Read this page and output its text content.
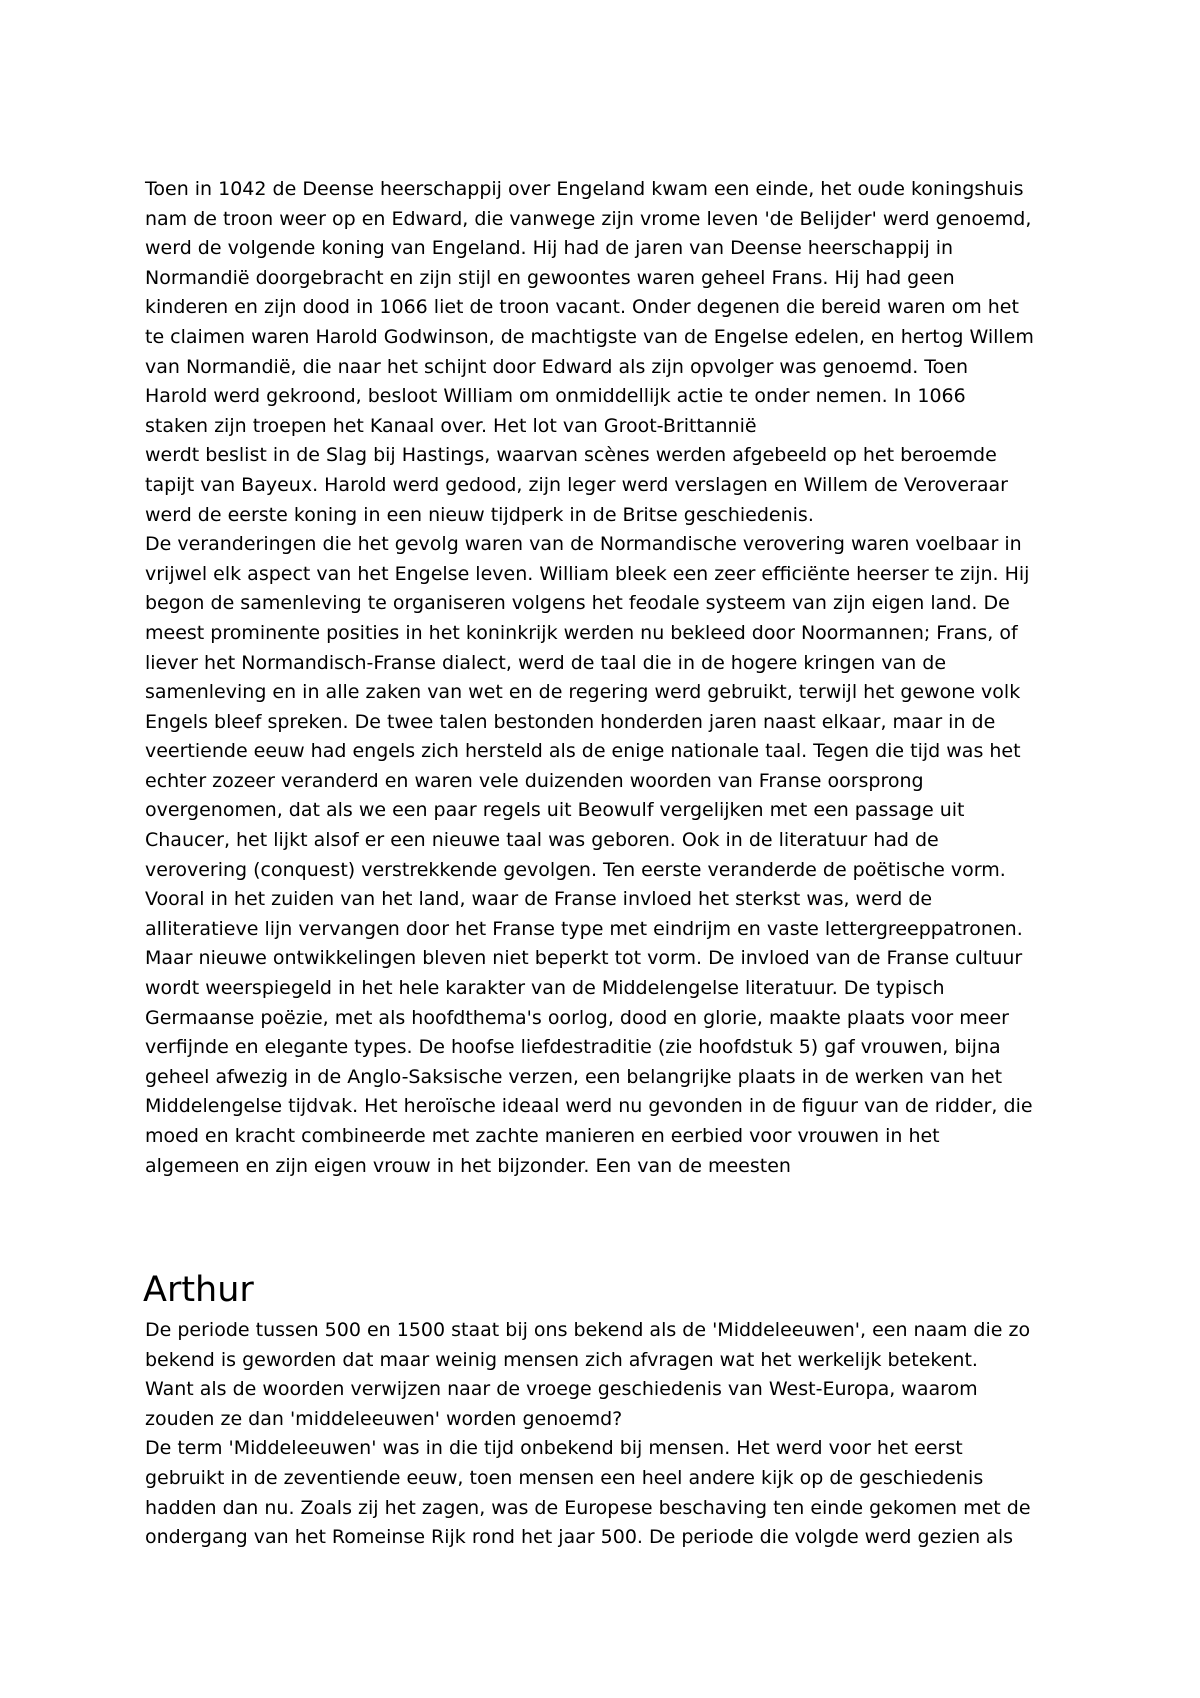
Toen in 1042 de Deense heerschappij over Engeland kwam een einde, het oude koningshuis
nam de troon weer op en Edward, die vanwege zijn vrome leven 'de Belijder' werd genoemd,
werd de volgende koning van Engeland. Hij had de jaren van Deense heerschappij in
Normandië doorgebracht en zijn stijl en gewoontes waren geheel Frans. Hij had geen
kinderen en zijn dood in 1066 liet de troon vacant. Onder degenen die bereid waren om het
te claimen waren Harold Godwinson, de machtigste van de Engelse edelen, en hertog Willem
van Normandië, die naar het schijnt door Edward als zijn opvolger was genoemd. Toen
Harold werd gekroond, besloot William om onmiddellijk actie te onder nemen. In 1066
staken zijn troepen het Kanaal over. Het lot van Groot-Brittannië
werdt beslist in de Slag bij Hastings, waarvan scènes werden afgebeeld op het beroemde
tapijt van Bayeux. Harold werd gedood, zijn leger werd verslagen en Willem de Veroveraar
werd de eerste koning in een nieuw tijdperk in de Britse geschiedenis.
De veranderingen die het gevolg waren van de Normandische verovering waren voelbaar in
vrijwel elk aspect van het Engelse leven. William bleek een zeer efficiënte heerser te zijn. Hij
begon de samenleving te organiseren volgens het feodale systeem van zijn eigen land. De
meest prominente posities in het koninkrijk werden nu bekleed door Noormannen; Frans, of
liever het Normandisch-Franse dialect, werd de taal die in de hogere kringen van de
samenleving en in alle zaken van wet en de regering werd gebruikt, terwijl het gewone volk
Engels bleef spreken. De twee talen bestonden honderden jaren naast elkaar, maar in de
veertiende eeuw had engels zich hersteld als de enige nationale taal. Tegen die tijd was het
echter zozeer veranderd en waren vele duizenden woorden van Franse oorsprong
overgenomen, dat als we een paar regels uit Beowulf vergelijken met een passage uit
Chaucer, het lijkt alsof er een nieuwe taal was geboren. Ook in de literatuur had de
verovering (conquest) verstrekkende gevolgen. Ten eerste veranderde de poëtische vorm.
Vooral in het zuiden van het land, waar de Franse invloed het sterkst was, werd de
alliteratieve lijn vervangen door het Franse type met eindrijm en vaste lettergreeppatronen.
Maar nieuwe ontwikkelingen bleven niet beperkt tot vorm. De invloed van de Franse cultuur
wordt weerspiegeld in het hele karakter van de Middelengelse literatuur. De typisch
Germaanse poëzie, met als hoofdthema's oorlog, dood en glorie, maakte plaats voor meer
verfijnde en elegante types. De hoofse liefdestraditie (zie hoofdstuk 5) gaf vrouwen, bijna
geheel afwezig in de Anglo-Saksische verzen, een belangrijke plaats in de werken van het
Middelengelse tijdvak. Het heroïsche ideaal werd nu gevonden in de figuur van de ridder, die
moed en kracht combineerde met zachte manieren en eerbied voor vrouwen in het
algemeen en zijn eigen vrouw in het bijzonder. Een van de meesten
Arthur
De periode tussen 500 en 1500 staat bij ons bekend als de 'Middeleeuwen', een naam die zo
bekend is geworden dat maar weinig mensen zich afvragen wat het werkelijk betekent.
Want als de woorden verwijzen naar de vroege geschiedenis van West-Europa, waarom
zouden ze dan 'middeleeuwen' worden genoemd?
De term 'Middeleeuwen' was in die tijd onbekend bij mensen. Het werd voor het eerst
gebruikt in de zeventiende eeuw, toen mensen een heel andere kijk op de geschiedenis
hadden dan nu. Zoals zij het zagen, was de Europese beschaving ten einde gekomen met de
ondergang van het Romeinse Rijk rond het jaar 500. De periode die volgde werd gezien als
